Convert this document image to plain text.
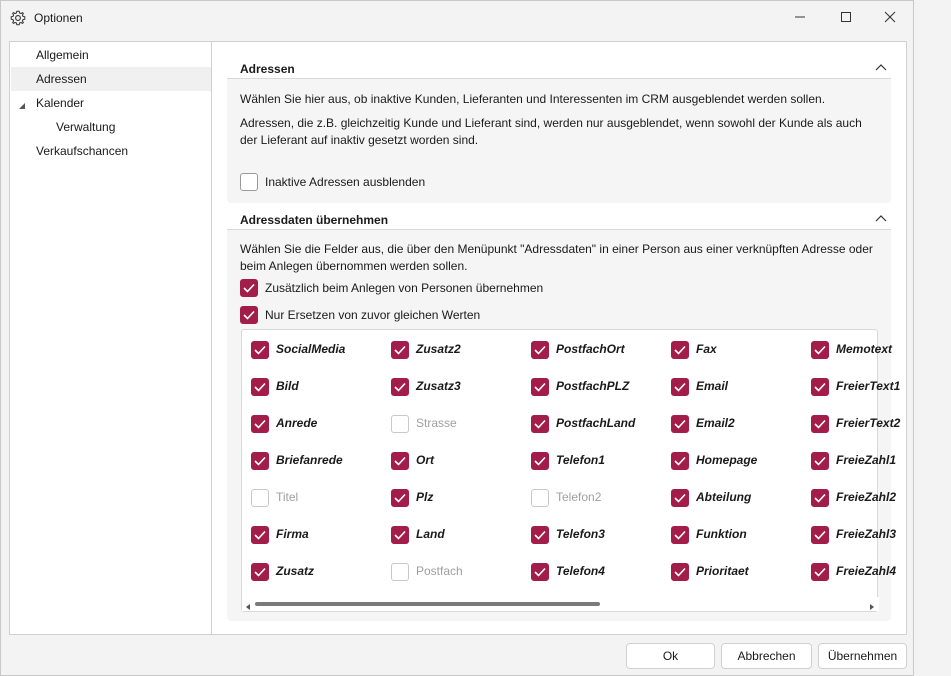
Optionen
Allgemein
Adressen
Kalender
Verwaltung
Verkaufschancen
Adressen
Wählen Sie hier aus, ob inaktive Kunden, Lieferanten und Interessenten im CRM ausgeblendet werden sollen.
Adressen, die z.B. gleichzeitig Kunde und Lieferant sind, werden nur ausgeblendet, wenn sowohl der Kunde als auch der Lieferant auf inaktiv gesetzt worden sind.
Inaktive Adressen ausblenden
Adressdaten übernehmen
Wählen Sie die Felder aus, die über den Menüpunkt "Adressdaten" in einer Person aus einer verknüpften Adresse oder beim Anlegen übernommen werden sollen.
Zusätzlich beim Anlegen von Personen übernehmen
Nur Ersetzen von zuvor gleichen Werten
FreieZahl4
FreieZahl3
FreieZahl2
FreieZahl1
FreierText2
FreierText1
Memotext
Prioritaet
Funktion
Abteilung
Homepage
Email2
Email
Fax
Telefon4
Telefon3
Telefon2
Telefon1
PostfachLand
PostfachPLZ
PostfachOrt
Postfach
Land
Plz
Ort
Strasse
Zusatz3
Zusatz2
Zusatz
Firma
Titel
Briefanrede
Anrede
Bild
SocialMedia
Ok	Abbrechen	Übernehmen
